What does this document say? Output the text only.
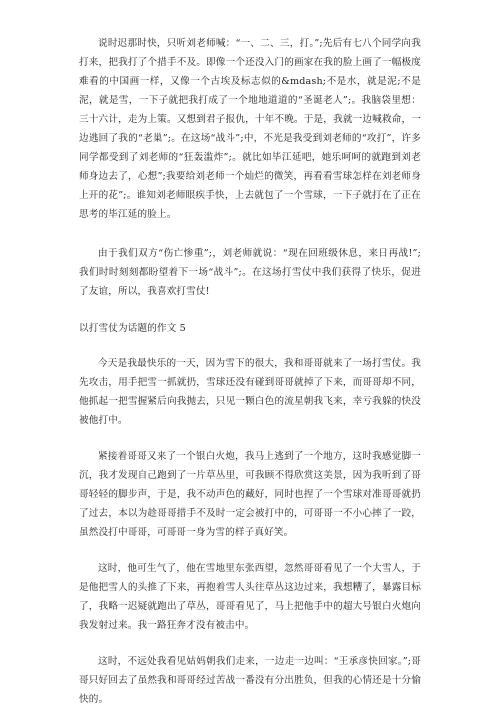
说时迟那时快，只听刘老师喊：“一、二、三，打。”;先后有七八个同学向我打来，把我打了个措手不及。即像一个还没入门的画家在我的脸上画了一幅极度难看的中国画一样，又像一个古埃及标志似的&mdash;不是水，就是泥;不是泥，就是雪，一下子就把我打成了一个地地道道的“圣诞老人”;。我脑袋里想：三十六计，走为上策。又想到君子报仇，十年不晚。于是，我就一边喊救命，一边逃回了我的“老巢”;。在这场“战斗”;中，不光是我受到刘老师的“攻打”，许多同学都受到了刘老师的“狂轰滥炸”;。就比如毕江延吧，她乐呵呵的就跑到刘老师身边去了，心想”;我要给刘老师一个灿烂的微笑，再看看雪球怎样在刘老师身上开的花”;。谁知刘老师眼疾手快，上去就包了一个雪球，一下子就打在了正在思考的毕江延的脸上。

由于我们双方“伤亡惨重”;，刘老师就说：“现在回班级休息，来日再战!”;我们时时刻刻都盼望着下一场“战斗”;。在这场打雪仗中我们获得了快乐，促进了友谊，所以，我喜欢打雪仗!

以打雪仗为话题的作文 5

今天是我最快乐的一天，因为雪下的很大，我和哥哥就来了一场打雪仗。我先攻击，用手把雪一抓就扔，雪球还没有碰到哥哥就掉了下来，而哥哥却不同，他抓起一把雪握紧后向我抛去，只见一颗白色的流星朝我飞来，幸亏我躲的快没被他打中。

紧接着哥哥又来了一个银白火炮，我马上逃到了一个地方，这时我感觉脚一沉，我才发现自己跑到了一片草丛里，可我顾不得欣赏这美景，因为我听到了哥哥轻轻的脚步声，于是，我不动声色的藏好，同时也捏了一个雪球对准哥哥就扔了过去，本以为趁哥哥措手不及时一定会被打中的，可哥哥一不小心摔了一跤，虽然没打中哥哥，可哥哥一身为雪的样子真好笑。

这时，他可生气了，他在雪地里东张西望，忽然哥哥看见了一个大雪人，于是他把雪人的头推了下来，再抱着雪人头往草丛这边过来，我想糟了，暴露目标了，我略一迟疑就跑出了草丛，哥哥看见了，马上把他手中的超大号银白火炮向我发射过来。我一路狂奔才没有被击中。

这时，不远处我看见姑妈朝我们走来，一边走一边叫：“王承彦快回家。”;哥哥只好回去了虽然我和哥哥经过苦战一番没有分出胜负，但我的心情还是十分愉快的。
